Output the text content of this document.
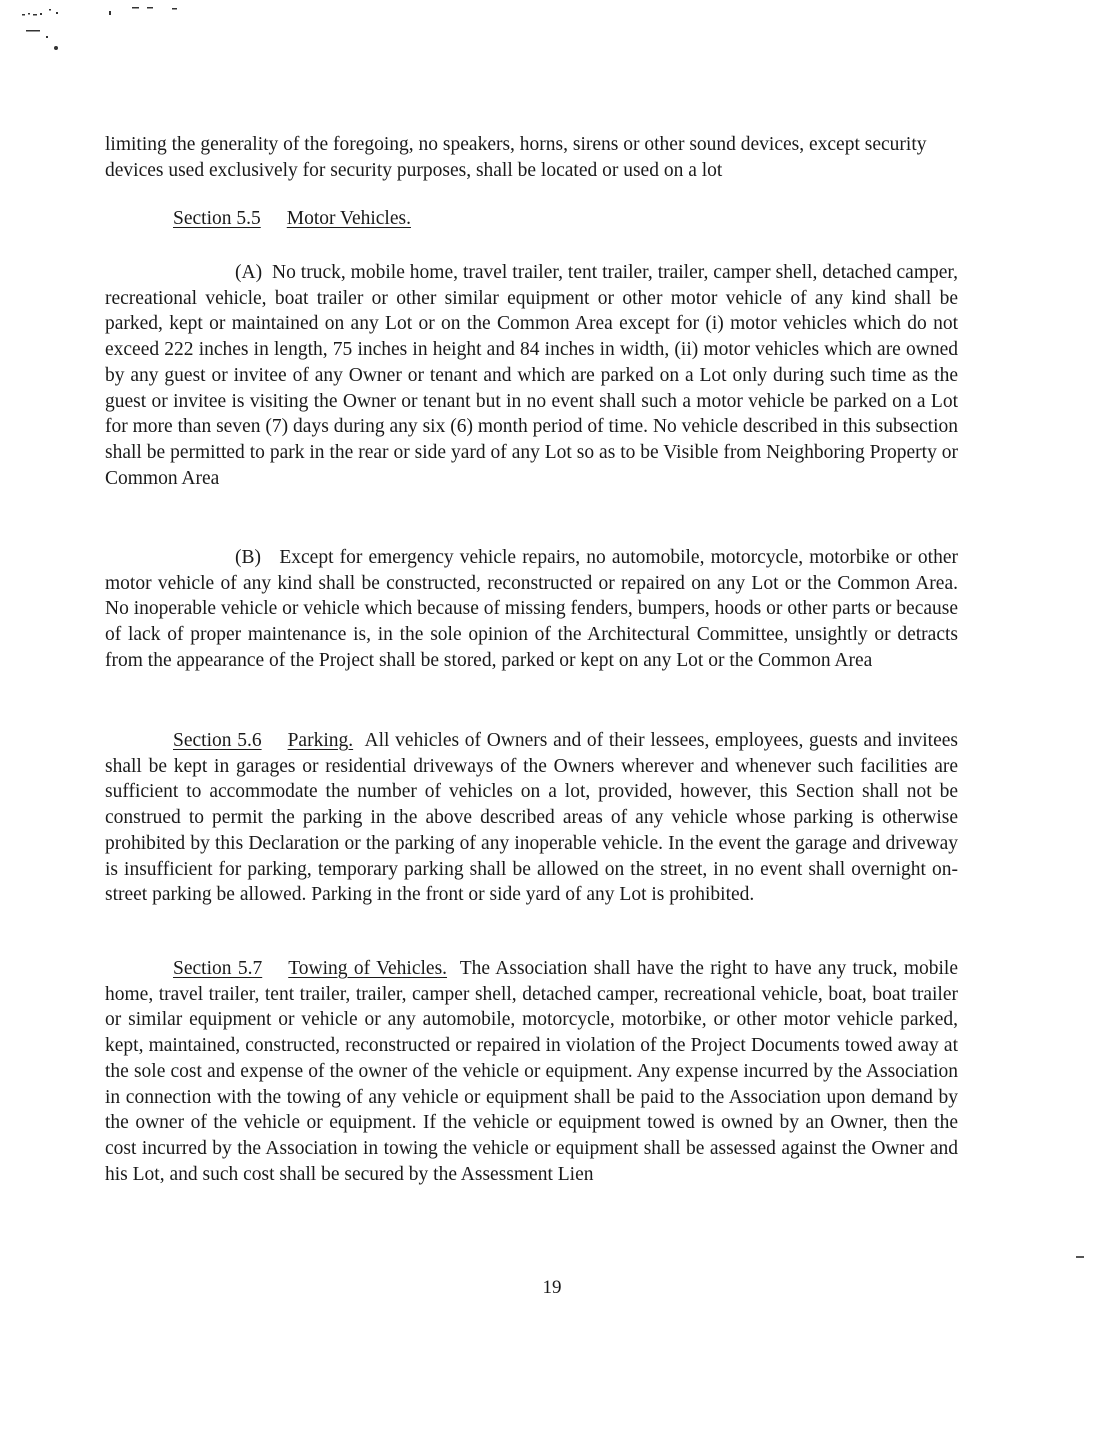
limiting the generality of the foregoing, no speakers, horns, sirens or other sound devices, except security devices used exclusively for security purposes, shall be located or used on a lot

Section 5.5 Motor Vehicles.

(A) No truck, mobile home, travel trailer, tent trailer, trailer, camper shell, detached camper, recreational vehicle, boat trailer or other similar equipment or other motor vehicle of any kind shall be parked, kept or maintained on any Lot or on the Common Area except for (i) motor vehicles which do not exceed 222 inches in length, 75 inches in height and 84 inches in width, (ii) motor vehicles which are owned by any guest or invitee of any Owner or tenant and which are parked on a Lot only during such time as the guest or invitee is visiting the Owner or tenant but in no event shall such a motor vehicle be parked on a Lot for more than seven (7) days during any six (6) month period of time. No vehicle described in this subsection shall be permitted to park in the rear or side yard of any Lot so as to be Visible from Neighboring Property or Common Area

(B) Except for emergency vehicle repairs, no automobile, motorcycle, motorbike or other motor vehicle of any kind shall be constructed, reconstructed or repaired on any Lot or the Common Area. No inoperable vehicle or vehicle which because of missing fenders, bumpers, hoods or other parts or because of lack of proper maintenance is, in the sole opinion of the Architectural Committee, unsightly or detracts from the appearance of the Project shall be stored, parked or kept on any Lot or the Common Area

Section 5.6 Parking. All vehicles of Owners and of their lessees, employees, guests and invitees shall be kept in garages or residential driveways of the Owners wherever and whenever such facilities are sufficient to accommodate the number of vehicles on a lot, provided, however, this Section shall not be construed to permit the parking in the above described areas of any vehicle whose parking is otherwise prohibited by this Declaration or the parking of any inoperable vehicle. In the event the garage and driveway is insufficient for parking, temporary parking shall be allowed on the street, in no event shall overnight on-street parking be allowed. Parking in the front or side yard of any Lot is prohibited.

Section 5.7 Towing of Vehicles. The Association shall have the right to have any truck, mobile home, travel trailer, tent trailer, trailer, camper shell, detached camper, recreational vehicle, boat, boat trailer or similar equipment or vehicle or any automobile, motorcycle, motorbike, or other motor vehicle parked, kept, maintained, constructed, reconstructed or repaired in violation of the Project Documents towed away at the sole cost and expense of the owner of the vehicle or equipment. Any expense incurred by the Association in connection with the towing of any vehicle or equipment shall be paid to the Association upon demand by the owner of the vehicle or equipment. If the vehicle or equipment towed is owned by an Owner, then the cost incurred by the Association in towing the vehicle or equipment shall be assessed against the Owner and his Lot, and such cost shall be secured by the Assessment Lien

19
